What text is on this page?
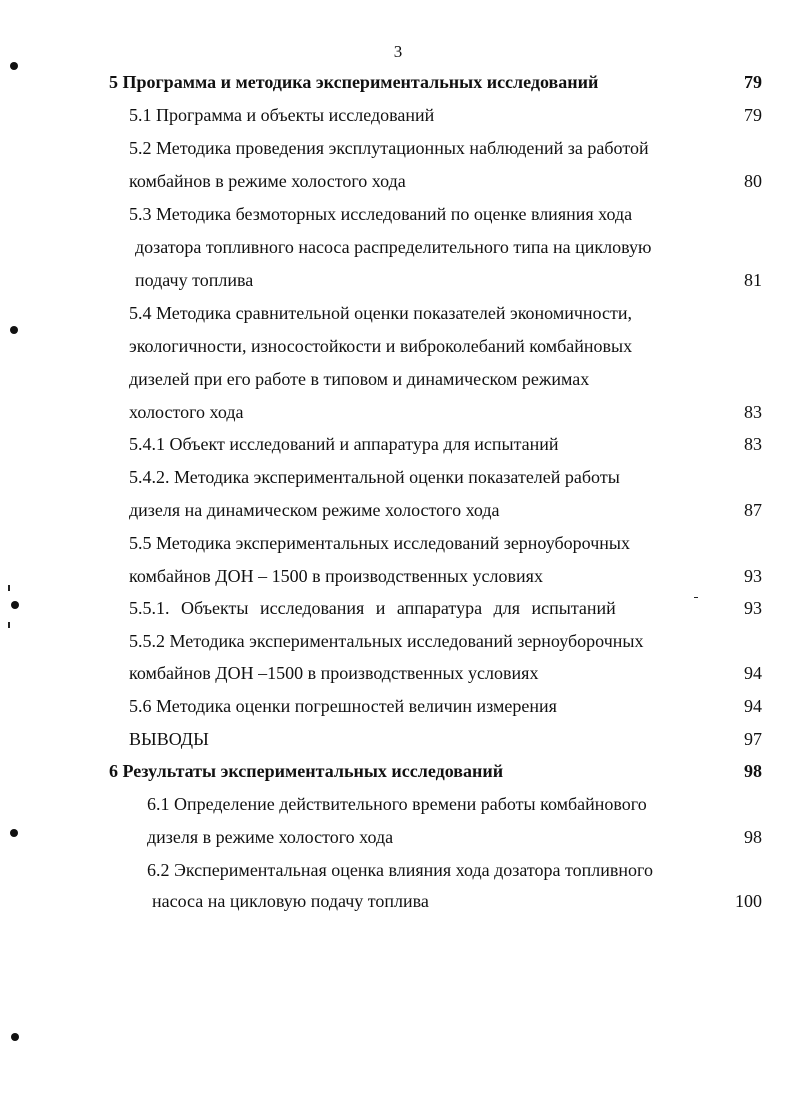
3
5 Программа и методика экспериментальных исследований	79
5.1 Программа и объекты исследований	79
5.2 Методика проведения эксплутационных наблюдений за работой
комбайнов в режиме холостого хода	80
5.3 Методика безмоторных исследований по оценке влияния хода
дозатора топливного насоса распределительного типа на цикловую
подачу топлива	81
5.4 Методика сравнительной оценки показателей экономичности,
экологичности, износостойкости и виброколебаний комбайновых
дизелей при его работе в типовом и динамическом режимах
холостого хода	83
5.4.1 Объект исследований и аппаратура для испытаний	83
5.4.2. Методика экспериментальной оценки показателей работы
дизеля на динамическом режиме холостого хода	87
5.5 Методика экспериментальных исследований зерноуборочных
комбайнов ДОН – 1500 в производственных условиях	93
5.5.1. Объекты исследования и аппаратура для испытаний	93
5.5.2 Методика экспериментальных исследований зерноуборочных
комбайнов ДОН –1500 в производственных условиях	94
5.6 Методика оценки погрешностей величин измерения	94
ВЫВОДЫ	97
6 Результаты экспериментальных исследований	98
6.1 Определение действительного времени работы комбайнового
дизеля в режиме холостого хода	98
6.2 Экспериментальная оценка влияния хода дозатора топливного
насоса на цикловую подачу топлива	100
